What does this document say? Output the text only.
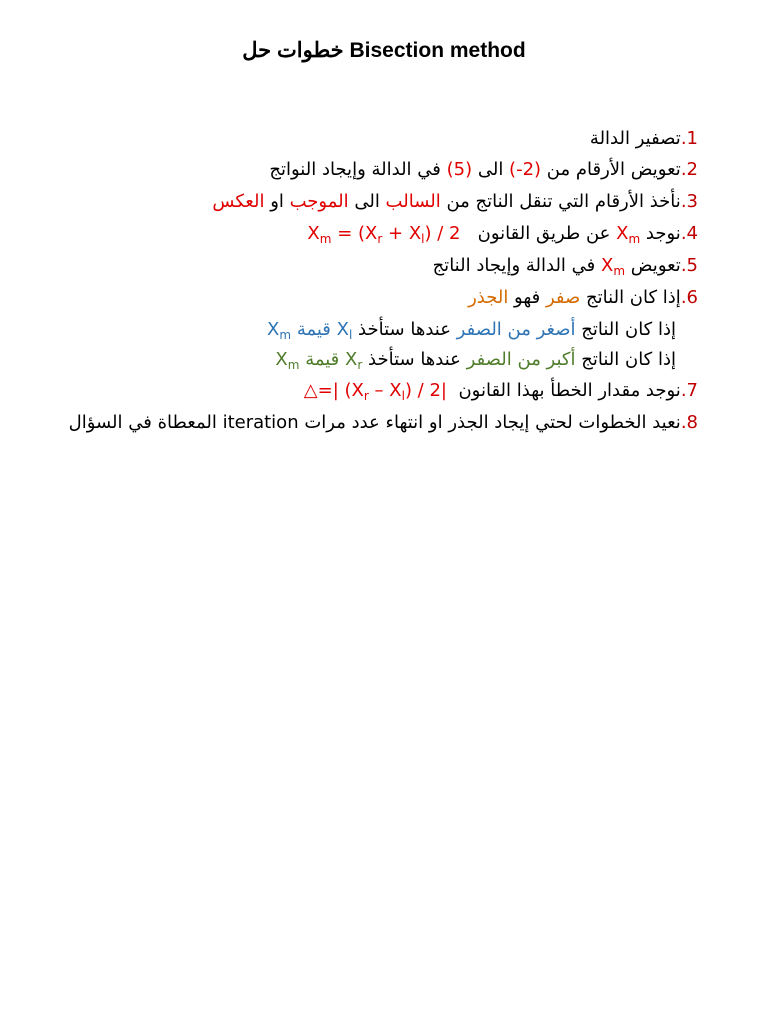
خطوات حل Bisection method
1.تصفير الدالة
2.تعويض الأرقام من (-2) الى (5) في الدالة وإيجاد النواتج
3.نأخذ الأرقام التي تنقل الناتج من السالب الى الموجب او العكس
4.نوجد $X_m$ عن طريق القانون   $X_m = (X_r + X_l) / 2$
5.تعويض $X_m$ في الدالة وإيجاد الناتج
6.إذا كان الناتج صفر فهو الجذر
إذا كان الناتج أصغر من الصفر عندها ستأخذ $X_l$ قيمة $X_m$
إذا كان الناتج أكبر من الصفر عندها ستأخذ $X_r$ قيمة $X_m$
7.نوجد مقدار الخطأ بهذا القانون  △=| $(X_r - X_l) / 2|$
8.نعيد الخطوات لحتي إيجاد الجذر او انتهاء عدد مرات iteration المعطاة في السؤال
